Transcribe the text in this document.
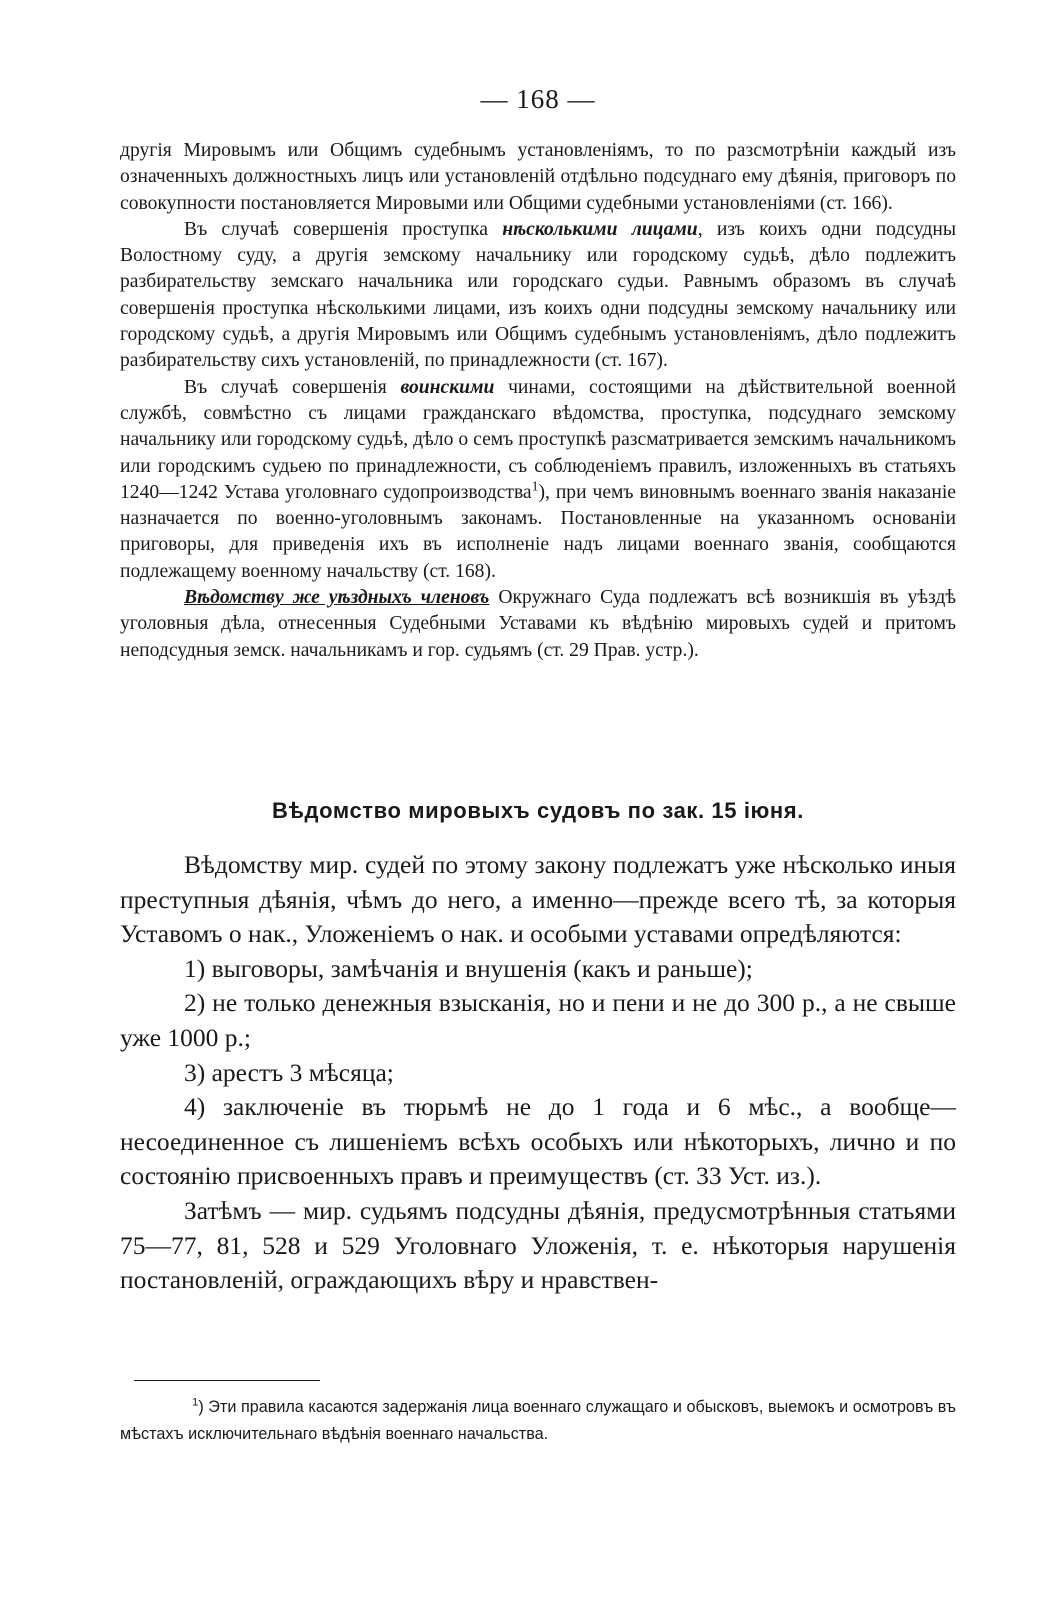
— 168 —

другія Мировымъ или Общимъ судебнымъ установленіямъ, то по разсмотрѣніи каждый изъ означенныхъ должностныхъ лицъ или установленій отдѣльно подсуднаго ему дѣянія, приговоръ по совокупности постановляется Мировыми или Общими судебными установленіями (ст. 166).

Въ случаѣ совершенія проступка нѣсколькими лицами, изъ коихъ одни подсудны Волостному суду, а другія земскому начальнику или городскому судьѣ, дѣло подлежитъ разбирательству земскаго начальника или городскаго судьи. Равнымъ образомъ въ случаѣ совершенія проступка нѣсколькими лицами, изъ коихъ одни подсудны земскому начальнику или городскому судьѣ, а другія Мировымъ или Общимъ судебнымъ установленіямъ, дѣло подлежитъ разбирательству сихъ установленій, по принадлежности (ст. 167).

Въ случаѣ совершенія воинскими чинами, состоящими на дѣйствительной военной службѣ, совмѣстно съ лицами гражданскаго вѣдомства, проступка, подсуднаго земскому начальнику или городскому судьѣ, дѣло о семъ проступкѣ разсматривается земскимъ начальникомъ или городскимъ судьею по принадлежности, съ соблюденіемъ правилъ, изложенныхъ въ статьяхъ 1240—1242 Устава уголовнаго судопроизводства$^1$), при чемъ виновнымъ военнаго званія наказаніе назначается по военно-уголовнымъ законамъ. Постановленные на указанномъ основаніи приговоры, для приведенія ихъ въ исполненіе надъ лицами военнаго званія, сообщаются подлежащему военному начальству (ст. 168).

Вѣдомству же уѣздныхъ членовъ Окружнаго Суда подлежатъ всѣ возникшія въ уѣздѣ уголовныя дѣла, отнесенныя Судебными Уставами къ вѣдѣнію мировыхъ судей и притомъ неподсудныя земск. начальникамъ и гор. судьямъ (ст. 29 Прав. устр.).

Вѣдомство мировыхъ судовъ по зак. 15 іюня.

Вѣдомству мир. судей по этому закону подлежатъ уже нѣсколько иныя преступныя дѣянія, чѣмъ до него, а именно—прежде всего тѣ, за которыя Уставомъ о нак., Уложеніемъ о нак. и особыми уставами опредѣляются:

1) выговоры, замѣчанія и внушенія (какъ и раньше);

2) не только денежныя взысканія, но и пени и не до 300 р., а не свыше уже 1000 р.;

3) арестъ 3 мѣсяца;

4) заключеніе въ тюрьмѣ не до 1 года и 6 мѣс., а вообще—несоединенное съ лишеніемъ всѣхъ особыхъ или нѣкоторыхъ, лично и по состоянію присвоенныхъ правъ и преимуществъ (ст. 33 Уст. из.).

Затѣмъ — мир. судьямъ подсудны дѣянія, предусмотрѣнныя статьями 75—77, 81, 528 и 529 Уголовнаго Уложенія, т. е. нѣкоторыя нарушенія постановленій, ограждающихъ вѣру и нравствен-

$^1$) Эти правила касаются задержанія лица военнаго служащаго и обысковъ, выемокъ и осмотровъ въ мѣстахъ исключительнаго вѣдѣнія военнаго начальства.
